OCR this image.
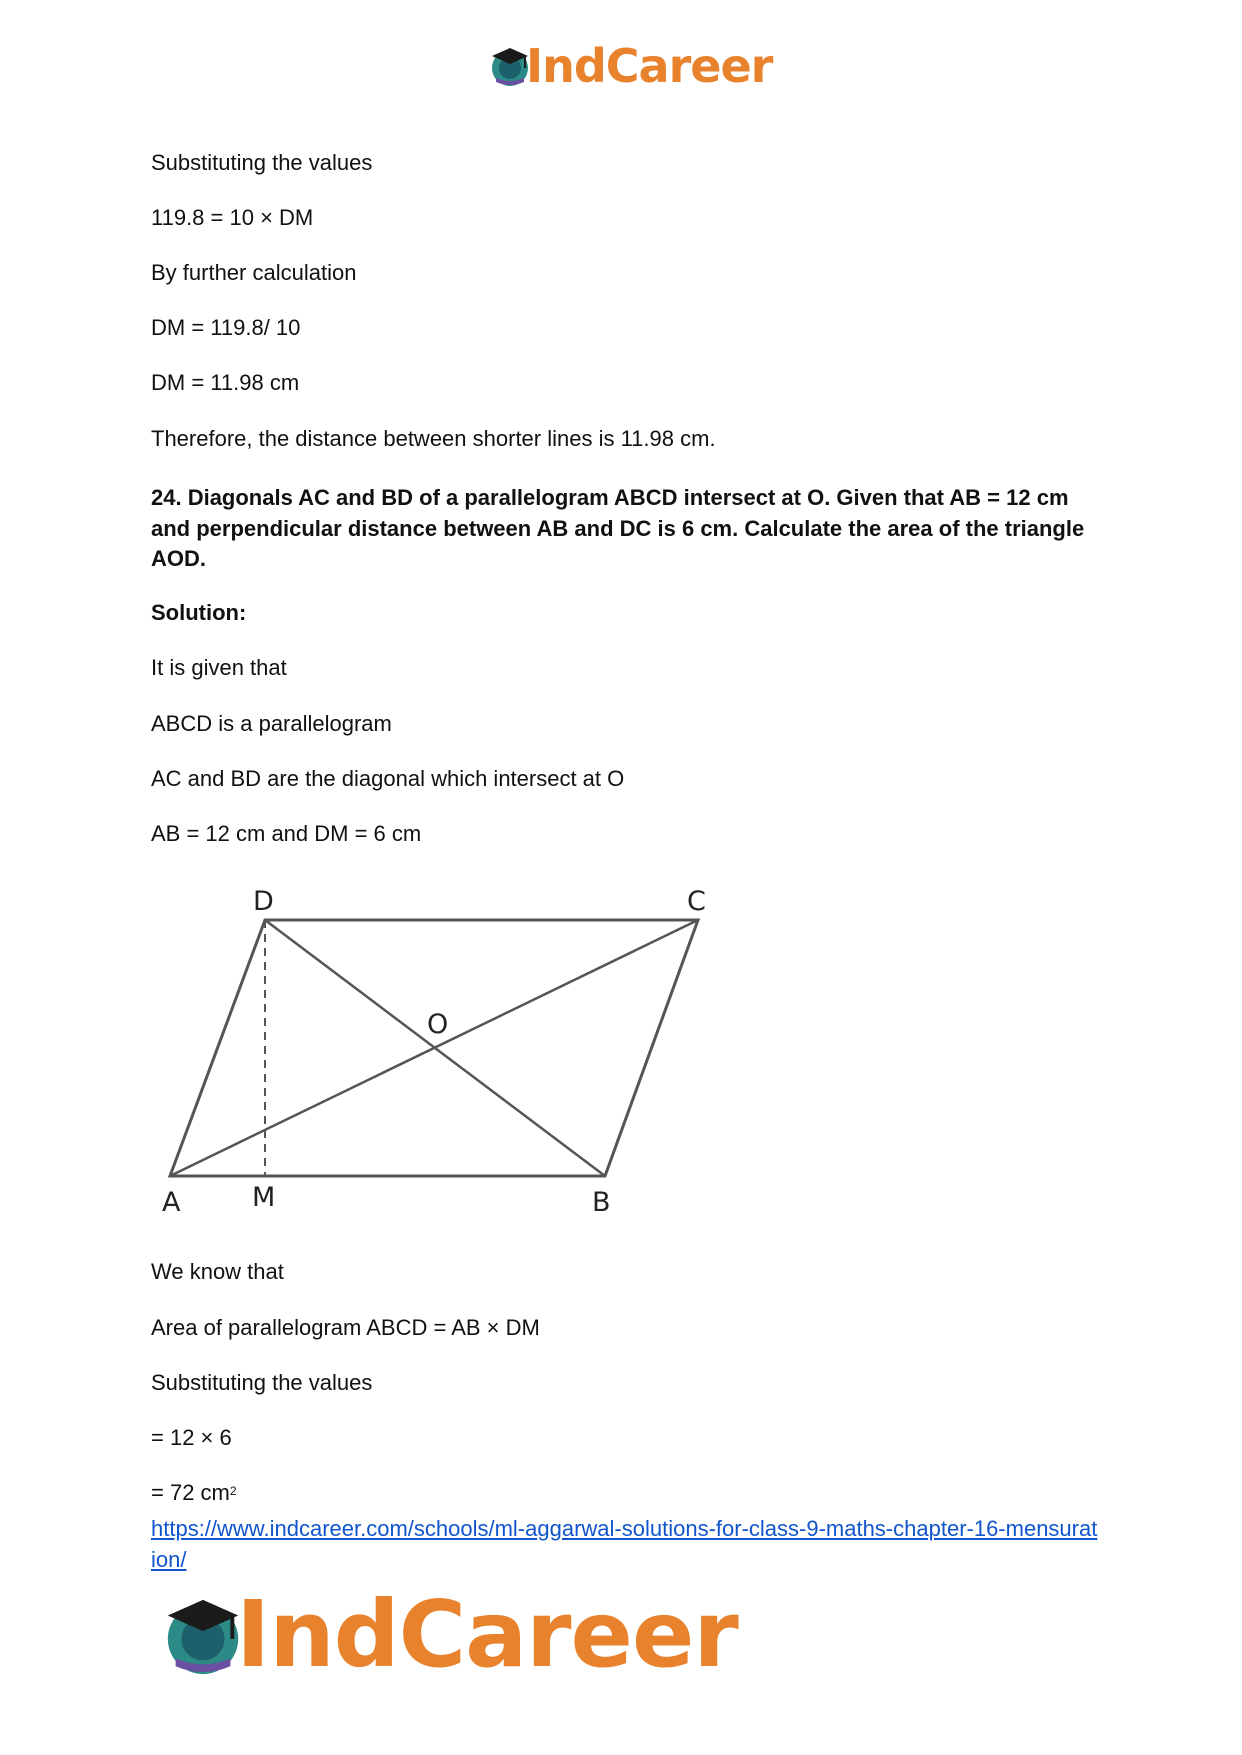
IndCareer
Substituting the values
119.8 = 10 × DM
By further calculation
DM = 119.8/ 10
DM = 11.98 cm
Therefore, the distance between shorter lines is 11.98 cm.
24. Diagonals AC and BD of a parallelogram ABCD intersect at O. Given that AB = 12 cm and perpendicular distance between AB and DC is 6 cm. Calculate the area of the triangle AOD.
Solution:
It is given that
ABCD is a parallelogram
AC and BD are the diagonal which intersect at O
AB = 12 cm and DM = 6 cm
D	C
O
A	M	B
We know that
Area of parallelogram ABCD = AB × DM
Substituting the values
= 12 × 6
= 72 $cm^2$
https://www.indcareer.com/schools/ml-aggarwal-solutions-for-class-9-maths-chapter-16-mensuration/
IndCareer
